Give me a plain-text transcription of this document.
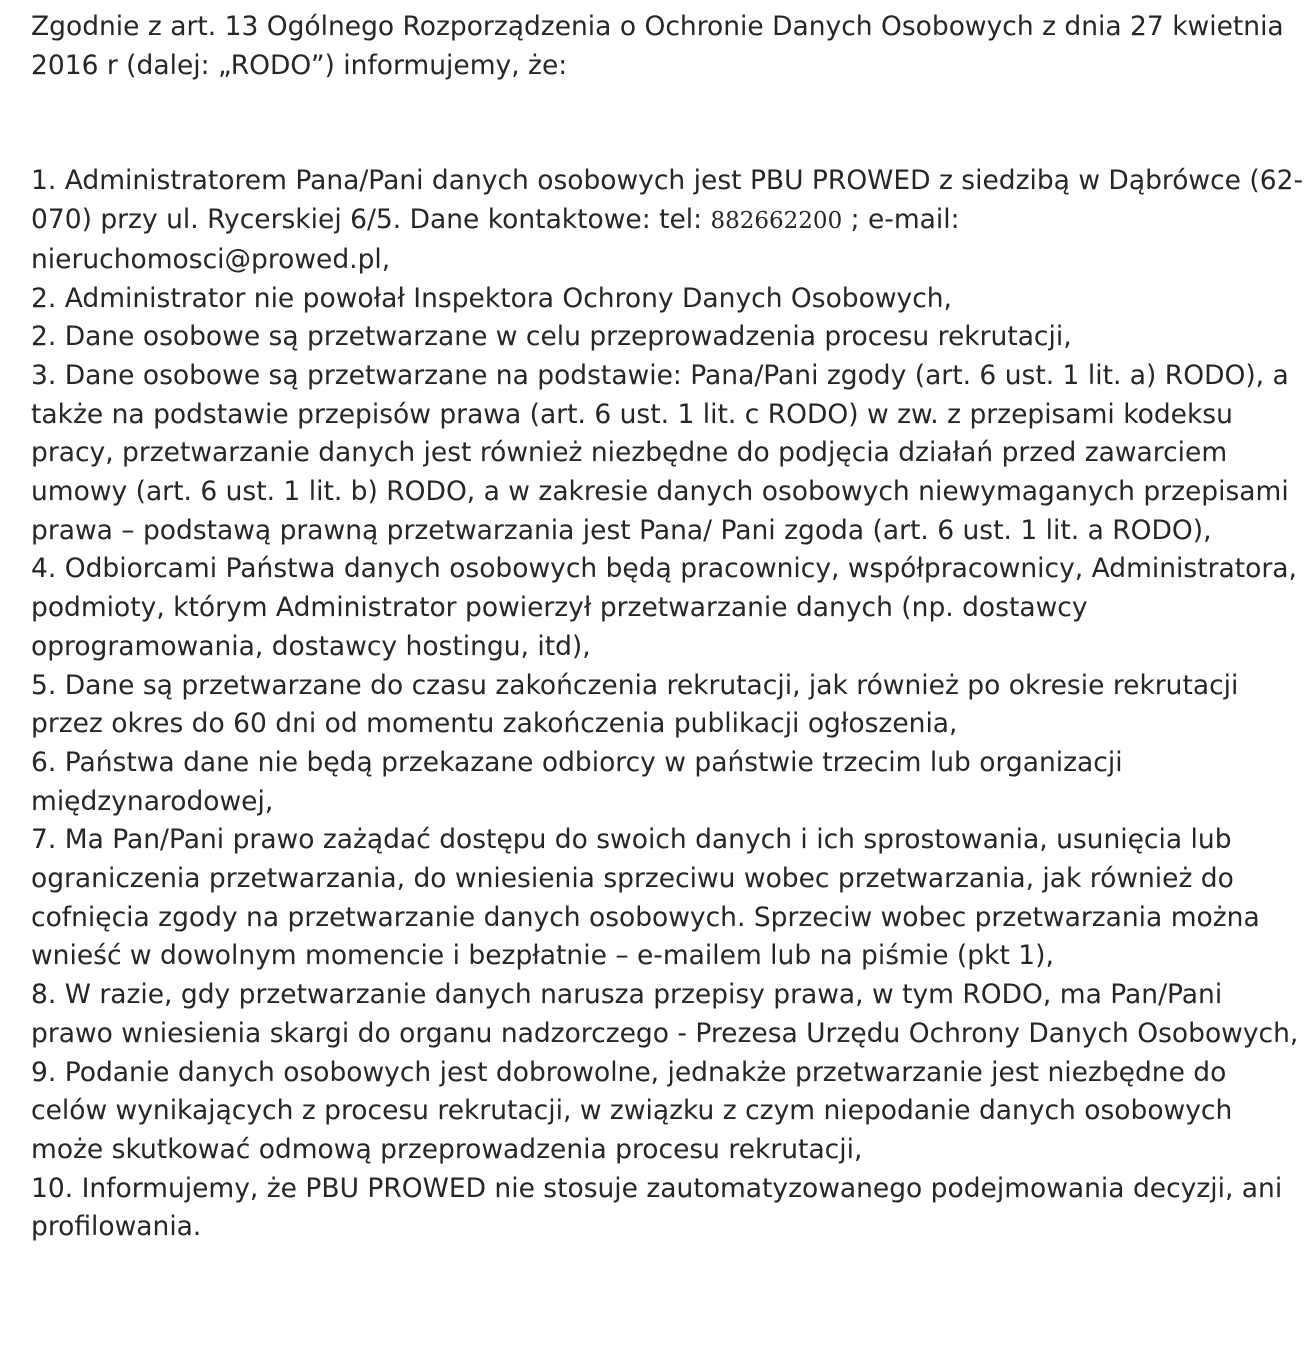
Zgodnie z art. 13 Ogólnego Rozporządzenia o Ochronie Danych Osobowych z dnia 27 kwietnia 2016 r (dalej: „RODO”) informujemy, że:

1. Administratorem Pana/Pani danych osobowych jest PBU PROWED z siedzibą w Dąbrówce (62-070) przy ul. Rycerskiej 6/5. Dane kontaktowe: tel: 882662200 ; e-mail: nieruchomosci@prowed.pl,

2. Administrator nie powołał Inspektora Ochrony Danych Osobowych,

2. Dane osobowe są przetwarzane w celu przeprowadzenia procesu rekrutacji,

3. Dane osobowe są przetwarzane na podstawie: Pana/Pani zgody (art. 6 ust. 1 lit. a) RODO), a także na podstawie przepisów prawa (art. 6 ust. 1 lit. c RODO) w zw. z przepisami kodeksu pracy, przetwarzanie danych jest również niezbędne do podjęcia działań przed zawarciem umowy (art. 6 ust. 1 lit. b) RODO, a w zakresie danych osobowych niewymaganych przepisami prawa – podstawą prawną przetwarzania jest Pana/ Pani zgoda (art. 6 ust. 1 lit. a RODO),

4. Odbiorcami Państwa danych osobowych będą pracownicy, współpracownicy, Administratora, podmioty, którym Administrator powierzył przetwarzanie danych (np. dostawcy oprogramowania, dostawcy hostingu, itd),

5. Dane są przetwarzane do czasu zakończenia rekrutacji, jak również po okresie rekrutacji przez okres do 60 dni od momentu zakończenia publikacji ogłoszenia,

6. Państwa dane nie będą przekazane odbiorcy w państwie trzecim lub organizacji międzynarodowej,

7. Ma Pan/Pani prawo zażądać dostępu do swoich danych i ich sprostowania, usunięcia lub ograniczenia przetwarzania, do wniesienia sprzeciwu wobec przetwarzania, jak również do cofnięcia zgody na przetwarzanie danych osobowych. Sprzeciw wobec przetwarzania można wnieść w dowolnym momencie i bezpłatnie – e-mailem lub na piśmie (pkt 1),

8. W razie, gdy przetwarzanie danych narusza przepisy prawa, w tym RODO, ma Pan/Pani prawo wniesienia skargi do organu nadzorczego - Prezesa Urzędu Ochrony Danych Osobowych,

9. Podanie danych osobowych jest dobrowolne, jednakże przetwarzanie jest niezbędne do celów wynikających z procesu rekrutacji, w związku z czym niepodanie danych osobowych może skutkować odmową przeprowadzenia procesu rekrutacji,

10. Informujemy, że PBU PROWED nie stosuje zautomatyzowanego podejmowania decyzji, ani profilowania.
